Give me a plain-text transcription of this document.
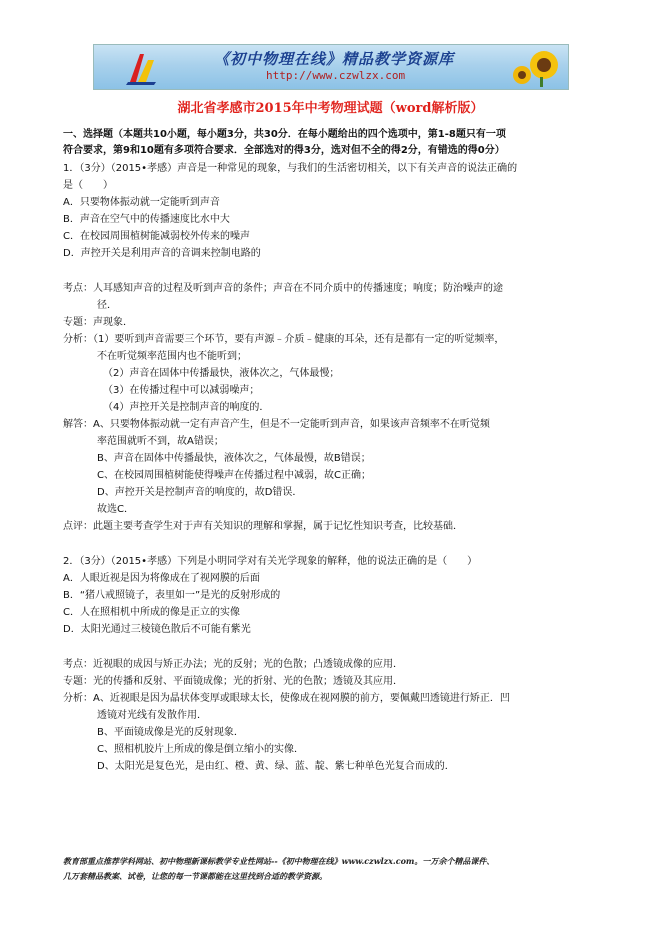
《初中物理在线》精品教学资源库
http://www.czwlzx.com
湖北省孝感市2015年中考物理试题（word解析版）
一、选择题（本题共10小题，每小题3分，共30分．在每小题给出的四个选项中，第1-8题只有一项
符合要求，第9和10题有多项符合要求．全部选对的得3分，选对但不全的得2分，有错选的得0分）
1．（3分）（2015•孝感）声音是一种常见的现象，与我们的生活密切相关，以下有关声音的说法正确的
是（　　）
A．只要物体振动就一定能听到声音
B．声音在空气中的传播速度比水中大
C．在校园周围植树能减弱校外传来的噪声
D．声控开关是利用声音的音调来控制电路的
考点：人耳感知声音的过程及听到声音的条件；声音在不同介质中的传播速度；响度；防治噪声的途
径．
专题：声现象．
分析：（1）要听到声音需要三个环节，要有声源﹣介质﹣健康的耳朵，还有是都有一定的听觉频率，
不在听觉频率范围内也不能听到；
（2）声音在固体中传播最快，液体次之，气体最慢；
（3）在传播过程中可以减弱噪声；
（4）声控开关是控制声音的响度的．
解答：A、只要物体振动就一定有声音产生，但是不一定能听到声音，如果该声音频率不在听觉频
率范围就听不到，故A错误；
B、声音在固体中传播最快，液体次之，气体最慢，故B错误；
C、在校园周围植树能使得噪声在传播过程中减弱，故C正确；
D、声控开关是控制声音的响度的，故D错误．
故选C．
点评：此题主要考查学生对于声有关知识的理解和掌握，属于记忆性知识考查，比较基础．
2．（3分）（2015•孝感）下列是小明同学对有关光学现象的解释，他的说法正确的是（　　）
A．人眼近视是因为将像成在了视网膜的后面
B．“猪八戒照镜子，表里如一”是光的反射形成的
C．人在照相机中所成的像是正立的实像
D．太阳光通过三棱镜色散后不可能有紫光
考点：近视眼的成因与矫正办法；光的反射；光的色散；凸透镜成像的应用．
专题：光的传播和反射、平面镜成像；光的折射、光的色散；透镜及其应用．
分析：A、近视眼是因为晶状体变厚或眼球太长，使像成在视网膜的前方，要佩戴凹透镜进行矫正．凹
透镜对光线有发散作用．
B、平面镜成像是光的反射现象．
C、照相机胶片上所成的像是倒立缩小的实像．
D、太阳光是复色光，是由红、橙、黄、绿、蓝、靛、紫七种单色光复合而成的．
教育部重点推荐学科网站、初中物理新课标教学专业性网站--《初中物理在线》www.czwlzx.com。一万余个精品课件、
几万套精品教案、试卷，让您的每一节课都能在这里找到合适的教学资源。
